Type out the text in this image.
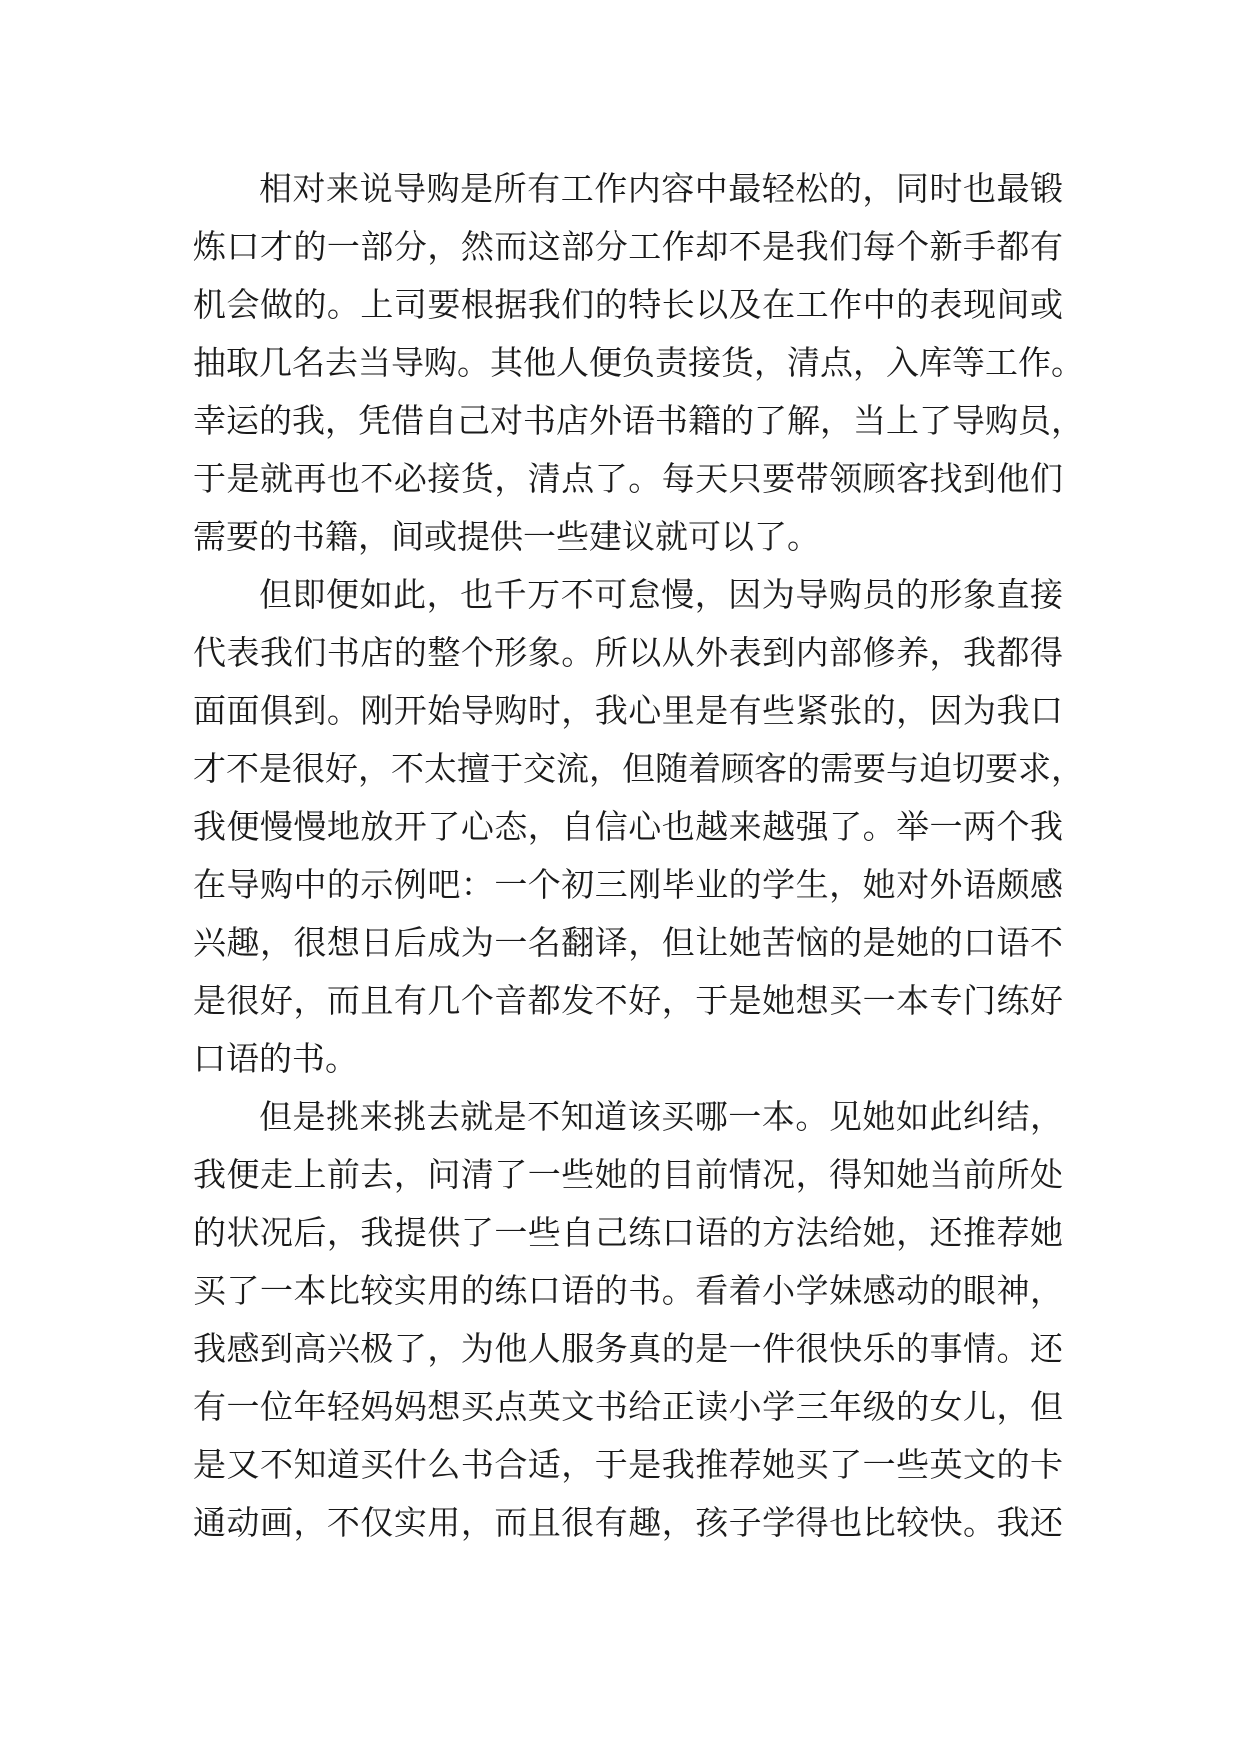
相对来说导购是所有工作内容中最轻松的，同时也最锻
炼口才的一部分，然而这部分工作却不是我们每个新手都有
机会做的。上司要根据我们的特长以及在工作中的表现间或
抽取几名去当导购。其他人便负责接货，清点，入库等工作。
幸运的我，凭借自己对书店外语书籍的了解，当上了导购员，
于是就再也不必接货，清点了。每天只要带领顾客找到他们
需要的书籍，间或提供一些建议就可以了。
但即便如此，也千万不可怠慢，因为导购员的形象直接
代表我们书店的整个形象。所以从外表到内部修养，我都得
面面俱到。刚开始导购时，我心里是有些紧张的，因为我口
才不是很好，不太擅于交流，但随着顾客的需要与迫切要求，
我便慢慢地放开了心态，自信心也越来越强了。举一两个我
在导购中的示例吧：一个初三刚毕业的学生，她对外语颇感
兴趣，很想日后成为一名翻译，但让她苦恼的是她的口语不
是很好，而且有几个音都发不好，于是她想买一本专门练好
口语的书。
但是挑来挑去就是不知道该买哪一本。见她如此纠结，
我便走上前去，问清了一些她的目前情况，得知她当前所处
的状况后，我提供了一些自己练口语的方法给她，还推荐她
买了一本比较实用的练口语的书。看着小学妹感动的眼神，
我感到高兴极了，为他人服务真的是一件很快乐的事情。还
有一位年轻妈妈想买点英文书给正读小学三年级的女儿，但
是又不知道买什么书合适，于是我推荐她买了一些英文的卡
通动画，不仅实用，而且很有趣，孩子学得也比较快。我还
